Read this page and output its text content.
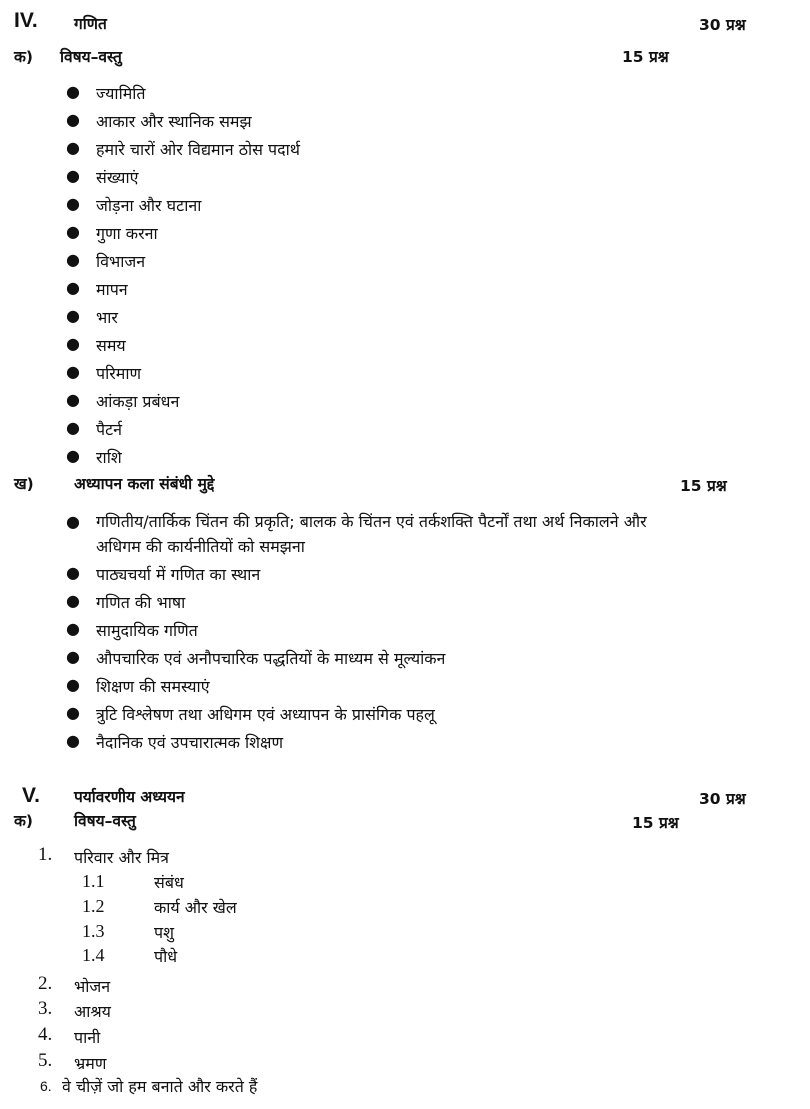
IV. गणित	30 प्रश्न
क) विषय–वस्तु	15 प्रश्न
● ज्यामिति
● आकार और स्थानिक समझ
● हमारे चारों ओर विद्यमान ठोस पदार्थ
● संख्याएं
● जोड़ना और घटाना
● गुणा करना
● विभाजन
● मापन
● भार
● समय
● परिमाण
● आंकड़ा प्रबंधन
● पैटर्न
● राशि
ख)	अध्यापन कला संबंधी मुद्दे	15 प्रश्न
● गणितीय/तार्किक चिंतन की प्रकृति; बालक के चिंतन एवं तर्कशक्ति पैटर्नों तथा अर्थ निकालने और
अधिगम की कार्यनीतियों को समझना
● पाठ्यचर्या में गणित का स्थान
● गणित की भाषा
● सामुदायिक गणित
● औपचारिक एवं अनौपचारिक पद्धतियों के माध्यम से मूल्यांकन
● शिक्षण की समस्याएं
● त्रुटि विश्लेषण तथा अधिगम एवं अध्यापन के प्रासंगिक पहलू
● नैदानिक एवं उपचारात्मक शिक्षण
V. पर्यावरणीय अध्ययन	30 प्रश्न
क)	विषय–वस्तु	15 प्रश्न
1. परिवार और मित्र
1.1	संबंध
1.2	कार्य और खेल
1.3	पशु
1.4	पौधे
2. भोजन
3. आश्रय
4. पानी
5. भ्रमण
6. वे चीज़ें जो हम बनाते और करते हैं
